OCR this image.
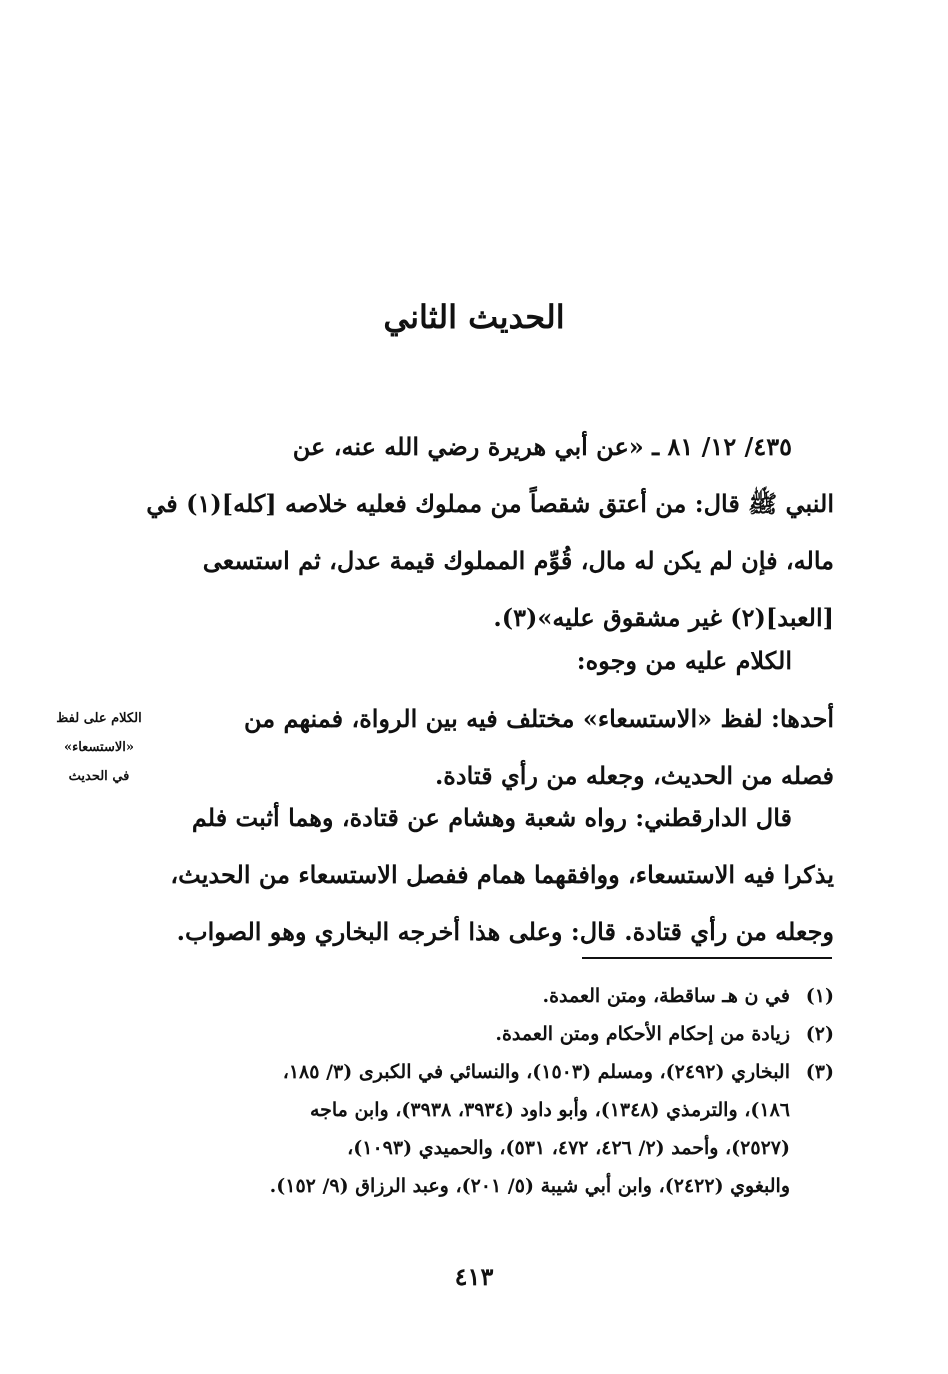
الحديث الثاني
٤٣٥/ ١٢/ ٨١ ـ «عن أبي هريرة رضي الله عنه، عن
النبي ﷺ قال: من أعتق شقصاً من مملوك فعليه خلاصه [كله](١) في
ماله، فإن لم يكن له مال، قُوِّم المملوك قيمة عدل، ثم استسعى
[العبد](٢) غير مشقوق عليه»(٣).
الكلام عليه من وجوه:
أحدها: لفظ «الاستسعاء» مختلف فيه بين الرواة، فمنهم من
فصله من الحديث، وجعله من رأي قتادة.
الكلام على لفظ
«الاستسعاء»
في الحديث
قال الدارقطني: رواه شعبة وهشام عن قتادة، وهما أثبت فلم
يذكرا فيه الاستسعاء، ووافقهما همام ففصل الاستسعاء من الحديث،
وجعله من رأي قتادة. قال: وعلى هذا أخرجه البخاري وهو الصواب.
(١)
في ن هـ ساقطة، ومتن العمدة.
(٢)
زيادة من إحكام الأحكام ومتن العمدة.
(٣)
البخاري (٢٤٩٢)، ومسلم (١٥٠٣)، والنسائي في الكبرى (٣/ ١٨٥،
١٨٦)، والترمذي (١٣٤٨)، وأبو داود (٣٩٣٤، ٣٩٣٨)، وابن ماجه
(٢٥٢٧)، وأحمد (٢/ ٤٢٦، ٤٧٢، ٥٣١)، والحميدي (١٠٩٣)،
والبغوي (٢٤٢٢)، وابن أبي شيبة (٥/ ٢٠١)، وعبد الرزاق (٩/ ١٥٢).
٤١٣
